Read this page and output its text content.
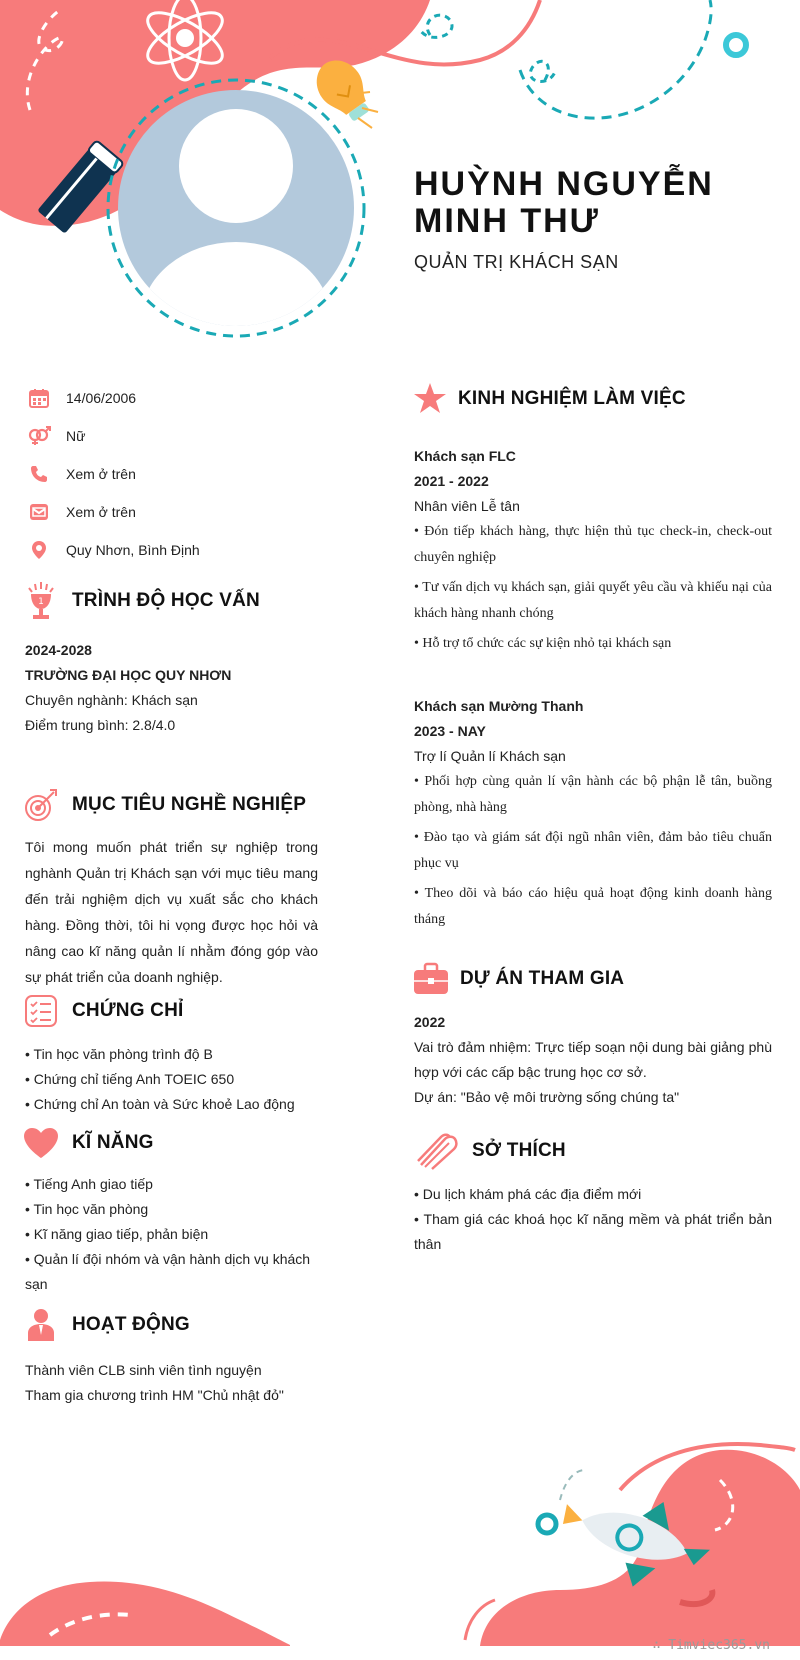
HUỲNH NGUYỄN
MINH THƯ
QUẢN TRỊ KHÁCH SẠN
14/06/2006
Nữ
Xem ở trên
Xem ở trên
Quy Nhơn, Bình Định
1 TRÌNH ĐỘ HỌC VẤN
2024-2028
TRƯỜNG ĐẠI HỌC QUY NHƠN
Chuyên nghành: Khách sạn
Điểm trung bình: 2.8/4.0
MỤC TIÊU NGHỀ NGHIỆP
Tôi mong muốn phát triển sự nghiệp trong nghành Quản trị Khách sạn với mục tiêu mang đến trải nghiệm dịch vụ xuất sắc cho khách hàng. Đồng thời, tôi hi vọng được học hỏi và nâng cao kĩ năng quản lí nhằm đóng góp vào sự phát triển của doanh nghiệp.
CHỨNG CHỈ
• Tin học văn phòng trình độ B
• Chứng chỉ tiếng Anh TOEIC 650
• Chứng chỉ An toàn và Sức khoẻ Lao động
KĨ NĂNG
• Tiếng Anh giao tiếp
• Tin học văn phòng
• Kĩ năng giao tiếp, phản biện
• Quản lí đội nhóm và vận hành dịch vụ khách sạn
HOẠT ĐỘNG
Thành viên CLB sinh viên tình nguyện
Tham gia chương trình HM "Chủ nhật đỏ"
KINH NGHIỆM LÀM VIỆC
Khách sạn FLC
2021 - 2022
Nhân viên Lễ tân
• Đón tiếp khách hàng, thực hiện thủ tục check-in, check-out chuyên nghiệp
• Tư vấn dịch vụ khách sạn, giải quyết yêu cầu và khiếu nại của khách hàng nhanh chóng
• Hỗ trợ tổ chức các sự kiện nhỏ tại khách sạn
Khách sạn Mường Thanh
2023 - NAY
Trợ lí Quản lí Khách sạn
• Phối hợp cùng quản lí vận hành các bộ phận lễ tân, buồng phòng, nhà hàng
• Đào tạo và giám sát đội ngũ nhân viên, đảm bảo tiêu chuẩn phục vụ
• Theo dõi và báo cáo hiệu quả hoạt động kinh doanh hàng tháng
DỰ ÁN THAM GIA
2022
Vai trò đảm nhiệm: Trực tiếp soạn nội dung bài giảng phù hợp với các cấp bậc trung học cơ sở.
Dự án: "Bảo vệ môi trường sống chúng ta"
SỞ THÍCH
• Du lịch khám phá các địa điểm mới
• Tham giá các khoá học kĩ năng mềm và phát triển bản thân
∴ Timviec365.vn
